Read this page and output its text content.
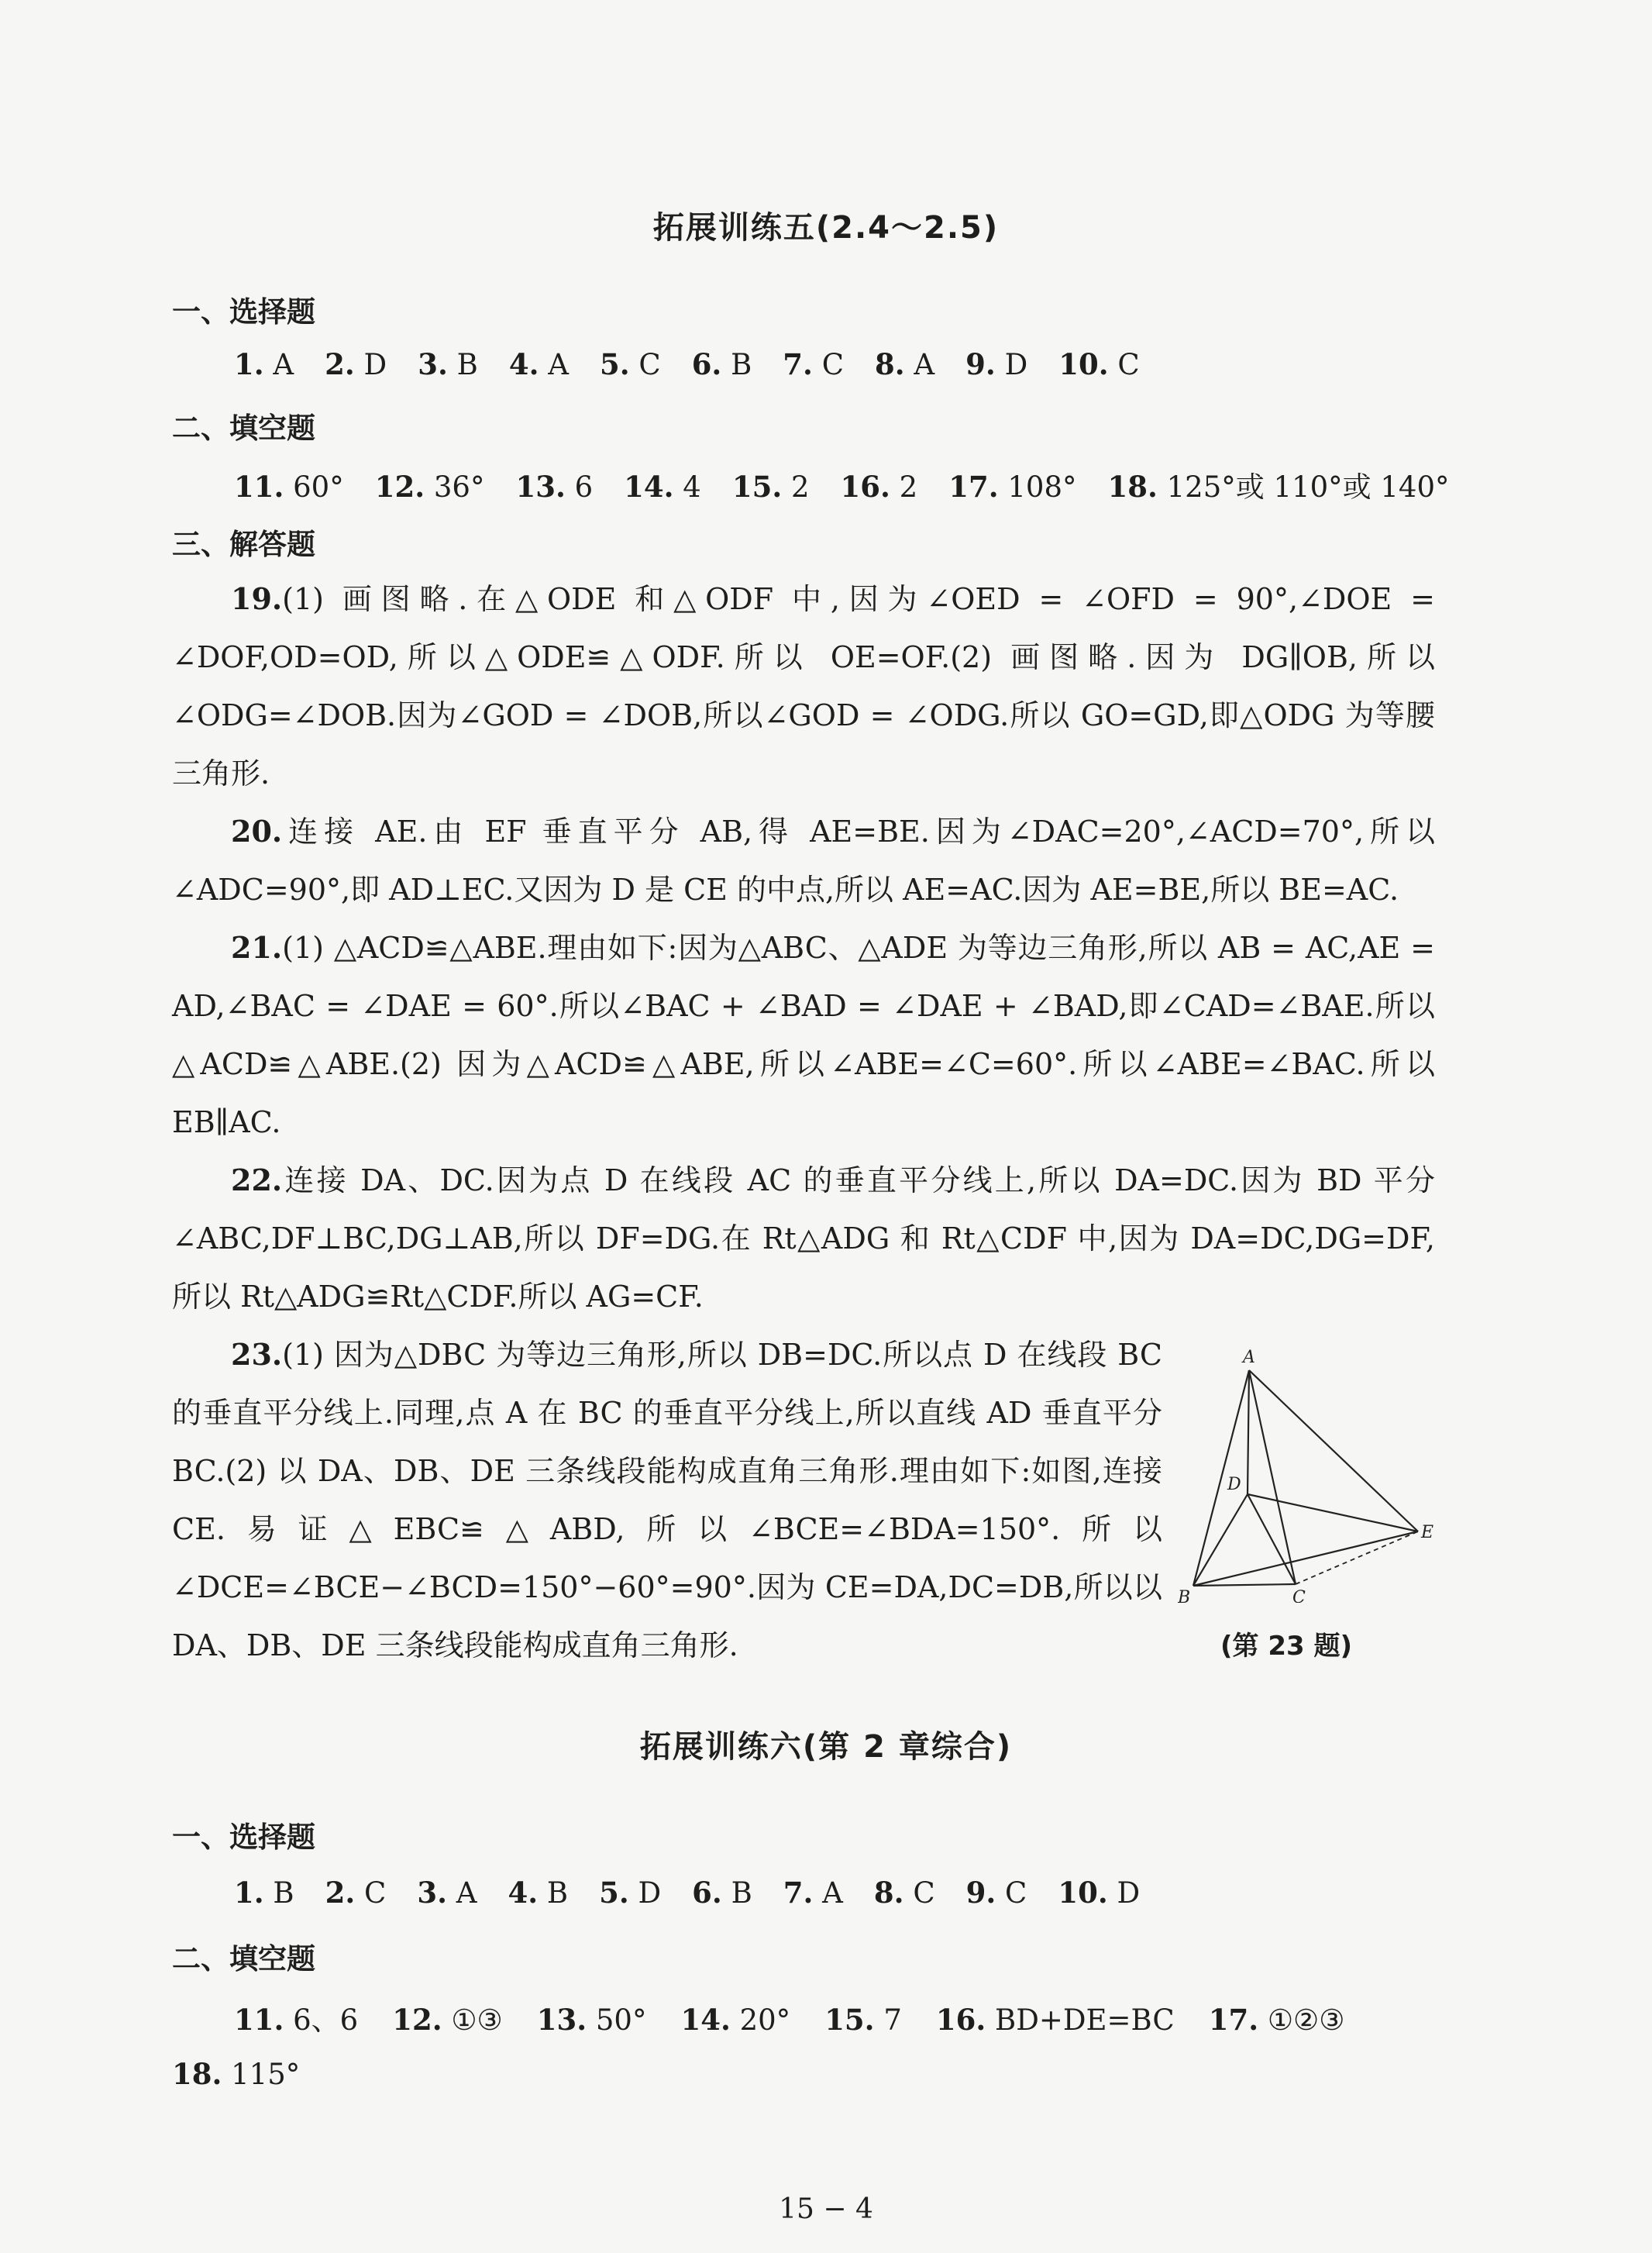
拓展训练五(2.4～2.5)
一、选择题
1. A 2. D 3. B 4. A 5. C 6. B 7. C 8. A 9. D 10. C
二、填空题
11. 60° 12. 36° 13. 6 14. 4 15. 2 16. 2 17. 108° 18. 125°或 110°或 140°
三、解答题
19.(1) 画图略.在△ODE 和△ODF 中,因为∠OED = ∠OFD = 90°,∠DOE = ∠DOF,OD=OD,所以△ODE≌△ODF.所以 OE=OF.(2) 画图略.因为 DG∥OB,所以∠ODG=∠DOB.因为∠GOD = ∠DOB,所以∠GOD = ∠ODG.所以 GO=GD,即△ODG 为等腰三角形.
20.连接 AE.由 EF 垂直平分 AB,得 AE=BE.因为∠DAC=20°,∠ACD=70°,所以∠ADC=90°,即 AD⊥EC.又因为 D 是 CE 的中点,所以 AE=AC.因为 AE=BE,所以 BE=AC.
21.(1) △ACD≌△ABE.理由如下:因为△ABC、△ADE 为等边三角形,所以 AB = AC,AE = AD,∠BAC = ∠DAE = 60°.所以∠BAC + ∠BAD = ∠DAE + ∠BAD,即∠CAD=∠BAE.所以△ACD≌△ABE.(2) 因为△ACD≌△ABE,所以∠ABE=∠C=60°.所以∠ABE=∠BAC.所以 EB∥AC.
22.连接 DA、DC.因为点 D 在线段 AC 的垂直平分线上,所以 DA=DC.因为 BD 平分∠ABC,DF⊥BC,DG⊥AB,所以 DF=DG.在 Rt△ADG 和 Rt△CDF 中,因为 DA=DC,DG=DF,所以 Rt△ADG≌Rt△CDF.所以 AG=CF.
23.(1) 因为△DBC 为等边三角形,所以 DB=DC.所以点 D 在线段 BC 的垂直平分线上.同理,点 A 在 BC 的垂直平分线上,所以直线 AD 垂直平分 BC.(2) 以 DA、DB、DE 三条线段能构成直角三角形.理由如下:如图,连接 CE.易证△EBC≌△ABD,所以∠BCE=∠BDA=150°.所以∠DCE=∠BCE−∠BCD=150°−60°=90°.因为 CE=DA,DC=DB,所以以 DA、DB、DE 三条线段能构成直角三角形.
A
B	C
D
E
(第 23 题)
拓展训练六(第 2 章综合)
一、选择题
1. B 2. C 3. A 4. B 5. D 6. B 7. A 8. C 9. C 10. D
二、填空题
11. 6、6 12. ①③ 13. 50° 14. 20° 15. 7 16. BD+DE=BC 17. ①②③
18. 115°
15 − 4
